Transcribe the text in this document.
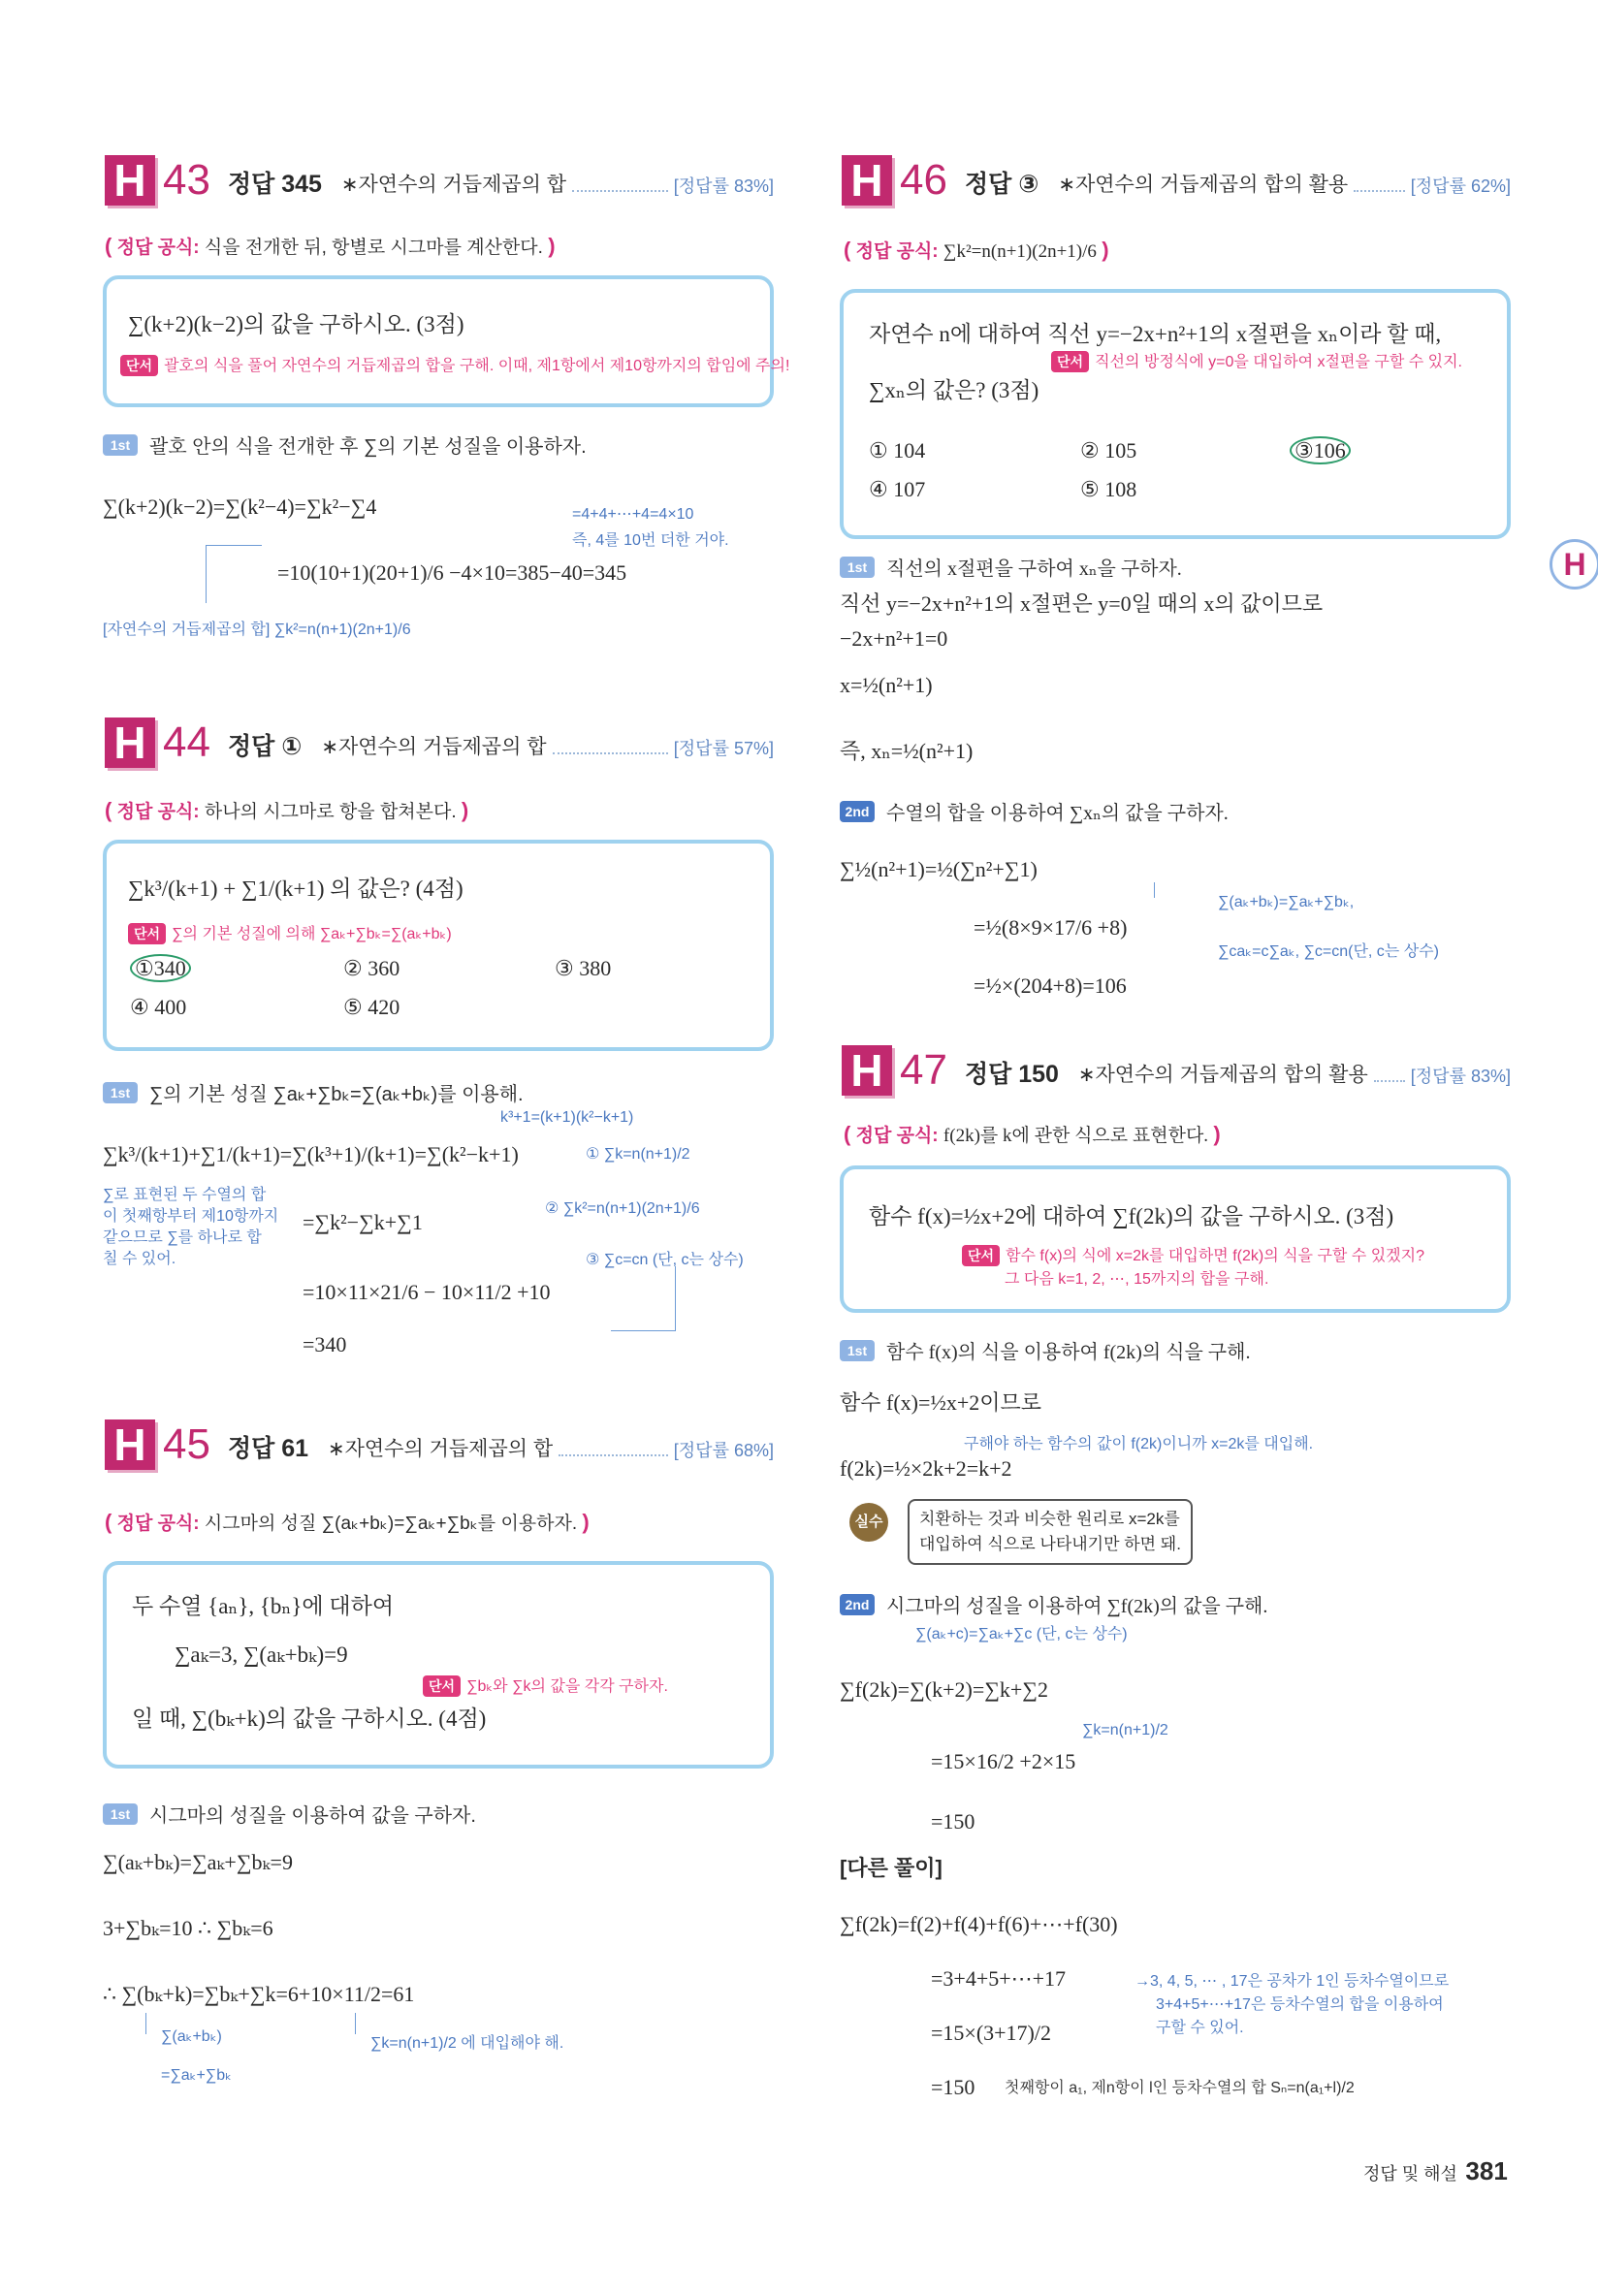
H 43 정답 345 ∗자연수의 거듭제곱의 합	[정답률 83%]
( 정답 공식: 식을 전개한 뒤, 항별로 시그마를 계산한다. )
∑(k+2)(k−2)의 값을 구하시오. (3점)
단서 괄호의 식을 풀어 자연수의 거듭제곱의 합을 구해. 이때, 제1항에서 제10항까지의 합임에 주의!
1st 괄호 안의 식을 전개한 후 ∑의 기본 성질을 이용하자.
∑(k+2)(k−2)=∑(k²−4)=∑k²−∑4	=4+4+⋯+4=4×10
즉, 4를 10번 더한 거야.
=10(10+1)(20+1)/6 −4×10=385−40=345
[자연수의 거듭제곱의 합] ∑k²=n(n+1)(2n+1)/6
H 44 정답 ① ∗자연수의 거듭제곱의 합	[정답률 57%]
( 정답 공식: 하나의 시그마로 항을 합쳐본다. )
∑k³/(k+1) + ∑1/(k+1) 의 값은? (4점)
단서 ∑의 기본 성질에 의해 ∑aₖ+∑bₖ=∑(aₖ+bₖ)
①340	② 360	③ 380
④ 400	⑤ 420
1st ∑의 기본 성질 ∑aₖ+∑bₖ=∑(aₖ+bₖ)를 이용해.
k³+1=(k+1)(k²−k+1)
∑k³/(k+1)+∑1/(k+1)=∑(k³+1)/(k+1)=∑(k²−k+1)	① ∑k=n(n+1)/2
∑로 표현된 두 수열의 합
이 첫째항부터 제10항까지
같으므로 ∑를 하나로 합
칠 수 있어.
=∑k²−∑k+∑1
② ∑k²=n(n+1)(2n+1)/6
③ ∑c=cn (단, c는 상수)
=10×11×21/6 − 10×11/2 +10
=340
H 45 정답 61 ∗자연수의 거듭제곱의 합	[정답률 68%]
( 정답 공식: 시그마의 성질 ∑(aₖ+bₖ)=∑aₖ+∑bₖ를 이용하자. )
두 수열 {aₙ}, {bₙ}에 대하여
∑aₖ=3, ∑(aₖ+bₖ)=9
단서 ∑bₖ와 ∑k의 값을 각각 구하자.
일 때, ∑(bₖ+k)의 값을 구하시오. (4점)
1st 시그마의 성질을 이용하여 값을 구하자.
∑(aₖ+bₖ)=∑aₖ+∑bₖ=9
3+∑bₖ=10 ∴ ∑bₖ=6
∴ ∑(bₖ+k)=∑bₖ+∑k=6+10×11/2=61
∑(aₖ+bₖ)
=∑aₖ+∑bₖ
∑k=n(n+1)/2 에 대입해야 해.
H 46 정답 ③ ∗자연수의 거듭제곱의 합의 활용	[정답률 62%]
( 정답 공식: ∑k²=n(n+1)(2n+1)/6 )
자연수 n에 대하여 직선 y=−2x+n²+1의 x절편을 xₙ이라 할 때,
단서 직선의 방정식에 y=0을 대입하여 x절편을 구할 수 있지.
∑xₙ의 값은? (3점)
① 104	② 105	③106
④ 107	⑤ 108
H
1st 직선의 x절편을 구하여 xₙ을 구하자.
직선 y=−2x+n²+1의 x절편은 y=0일 때의 x의 값이므로
−2x+n²+1=0
x=½(n²+1)
즉, xₙ=½(n²+1)
2nd 수열의 합을 이용하여 ∑xₙ의 값을 구하자.
∑½(n²+1)=½(∑n²+∑1)
∑(aₖ+bₖ)=∑aₖ+∑bₖ,
=½(8×9×17/6 +8)
∑caₖ=c∑aₖ, ∑c=cn(단, c는 상수)
=½×(204+8)=106
H 47 정답 150 ∗자연수의 거듭제곱의 합의 활용 [정답률 83%]
( 정답 공식: f(2k)를 k에 관한 식으로 표현한다. )
함수 f(x)=½x+2에 대하여 ∑f(2k)의 값을 구하시오. (3점)
단서 함수 f(x)의 식에 x=2k를 대입하면 f(2k)의 식을 구할 수 있겠지?
그 다음 k=1, 2, ⋯, 15까지의 합을 구해.
1st 함수 f(x)의 식을 이용하여 f(2k)의 식을 구해.
함수 f(x)=½x+2이므로
구해야 하는 함수의 값이 f(2k)이니까 x=2k를 대입해.
f(2k)=½×2k+2=k+2
실수	치환하는 것과 비슷한 원리로 x=2k를
대입하여 식으로 나타내기만 하면 돼.
2nd 시그마의 성질을 이용하여 ∑f(2k)의 값을 구해.
∑(aₖ+c)=∑aₖ+∑c (단, c는 상수)
∑f(2k)=∑(k+2)=∑k+∑2
∑k=n(n+1)/2
=15×16/2 +2×15
=150
[다른 풀이]
∑f(2k)=f(2)+f(4)+f(6)+⋯+f(30)
=3+4+5+⋯+17	→3, 4, 5, ⋯ , 17은 공차가 1인 등차수열이므로
3+4+5+⋯+17은 등차수열의 합을 이용하여
구할 수 있어.
=15×(3+17)/2
=150 첫째항이 a₁, 제n항이 l인 등차수열의 합 Sₙ=n(a₁+l)/2
정답 및 해설 381
